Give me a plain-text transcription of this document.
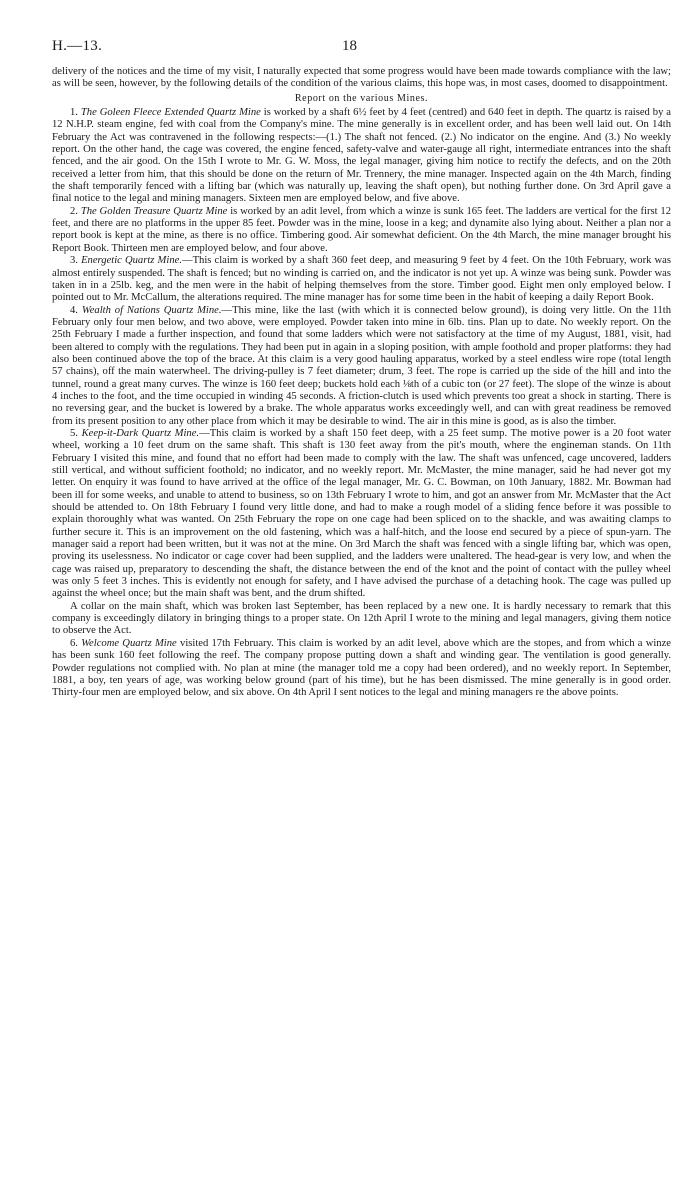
H.—13.	18

delivery of the notices and the time of my visit, I naturally expected that some progress would have been made towards compliance with the law; as will be seen, however, by the following details of the condition of the various claims, this hope was, in most cases, doomed to disappointment.

Report on the various Mines.

1. The Goleen Fleece Extended Quartz Mine is worked by a shaft 6½ feet by 4 feet (centred) and 640 feet in depth. The quartz is raised by a 12 N.H.P. steam engine, fed with coal from the Company's mine. The mine generally is in excellent order, and has been well laid out. On 14th February the Act was contravened in the following respects:—(1.) The shaft not fenced. (2.) No indicator on the engine. And (3.) No weekly report. On the other hand, the cage was covered, the engine fenced, safety-valve and water-gauge all right, intermediate entrances into the shaft fenced, and the air good. On the 15th I wrote to Mr. G. W. Moss, the legal manager, giving him notice to rectify the defects, and on the 20th received a letter from him, that this should be done on the return of Mr. Trennery, the mine manager. Inspected again on the 4th March, finding the shaft temporarily fenced with a lifting bar (which was naturally up, leaving the shaft open), but nothing further done. On 3rd April gave a final notice to the legal and mining managers. Sixteen men are employed below, and five above.

2. The Golden Treasure Quartz Mine is worked by an adit level, from which a winze is sunk 165 feet. The ladders are vertical for the first 12 feet, and there are no platforms in the upper 85 feet. Powder was in the mine, loose in a keg; and dynamite also lying about. Neither a plan nor a report book is kept at the mine, as there is no office. Timbering good. Air somewhat deficient. On the 4th March, the mine manager brought his Report Book. Thirteen men are employed below, and four above.

3. Energetic Quartz Mine.—This claim is worked by a shaft 360 feet deep, and measuring 9 feet by 4 feet. On the 10th February, work was almost entirely suspended. The shaft is fenced; but no winding is carried on, and the indicator is not yet up. A winze was being sunk. Powder was taken in in a 25lb. keg, and the men were in the habit of helping themselves from the store. Timber good. Eight men only employed below. I pointed out to Mr. McCallum, the alterations required. The mine manager has for some time been in the habit of keeping a daily Report Book.

4. Wealth of Nations Quartz Mine.—This mine, like the last (with which it is connected below ground), is doing very little. On the 11th February only four men below, and two above, were employed. Powder taken into mine in 6lb. tins. Plan up to date. No weekly report. On the 25th February I made a further inspection, and found that some ladders which were not satisfactory at the time of my August, 1881, visit, had been altered to comply with the regulations. They had been put in again in a sloping position, with ample foothold and proper platforms: they had also been continued above the top of the brace. At this claim is a very good hauling apparatus, worked by a steel endless wire rope (total length 57 chains), off the main waterwheel. The driving-pulley is 7 feet diameter; drum, 3 feet. The rope is carried up the side of the hill and into the tunnel, round a great many curves. The winze is 160 feet deep; buckets hold each ⅛th of a cubic ton (or 27 feet). The slope of the winze is about 4 inches to the foot, and the time occupied in winding 45 seconds. A friction-clutch is used which prevents too great a shock in starting. There is no reversing gear, and the bucket is lowered by a brake. The whole apparatus works exceedingly well, and can with great readiness be removed from its present position to any other place from which it may be desirable to wind. The air in this mine is good, as is also the timber.

5. Keep-it-Dark Quartz Mine.—This claim is worked by a shaft 150 feet deep, with a 25 feet sump. The motive power is a 20 foot water wheel, working a 10 feet drum on the same shaft. This shaft is 130 feet away from the pit's mouth, where the engineman stands. On 11th February I visited this mine, and found that no effort had been made to comply with the law. The shaft was unfenced, cage uncovered, ladders still vertical, and without sufficient foothold; no indicator, and no weekly report. Mr. McMaster, the mine manager, said he had never got my letter. On enquiry it was found to have arrived at the office of the legal manager, Mr. G. C. Bowman, on 10th January, 1882. Mr. Bowman had been ill for some weeks, and unable to attend to business, so on 13th February I wrote to him, and got an answer from Mr. McMaster that the Act should be attended to. On 18th February I found very little done, and had to make a rough model of a sliding fence before it was possible to explain thoroughly what was wanted. On 25th February the rope on one cage had been spliced on to the shackle, and was awaiting clamps to further secure it. This is an improvement on the old fastening, which was a half-hitch, and the loose end secured by a piece of spun-yarn. The manager said a report had been written, but it was not at the mine. On 3rd March the shaft was fenced with a single lifting bar, which was open, proving its uselessness. No indicator or cage cover had been supplied, and the ladders were unaltered. The head-gear is very low, and when the cage was raised up, preparatory to descending the shaft, the distance between the end of the knot and the point of contact with the pulley wheel was only 5 feet 3 inches. This is evidently not enough for safety, and I have advised the purchase of a detaching hook. The cage was pulled up against the wheel once; but the main shaft was bent, and the drum shifted.

A collar on the main shaft, which was broken last September, has been replaced by a new one. It is hardly necessary to remark that this company is exceedingly dilatory in bringing things to a proper state. On 12th April I wrote to the mining and legal managers, giving them notice to observe the Act.

6. Welcome Quartz Mine visited 17th February. This claim is worked by an adit level, above which are the stopes, and from which a winze has been sunk 160 feet following the reef. The company propose putting down a shaft and winding gear. The ventilation is good generally. Powder regulations not complied with. No plan at mine (the manager told me a copy had been ordered), and no weekly report. In September, 1881, a boy, ten years of age, was working below ground (part of his time), but he has been dismissed. The mine generally is in good order. Thirty-four men are employed below, and six above. On 4th April I sent notices to the legal and mining managers re the above points.
